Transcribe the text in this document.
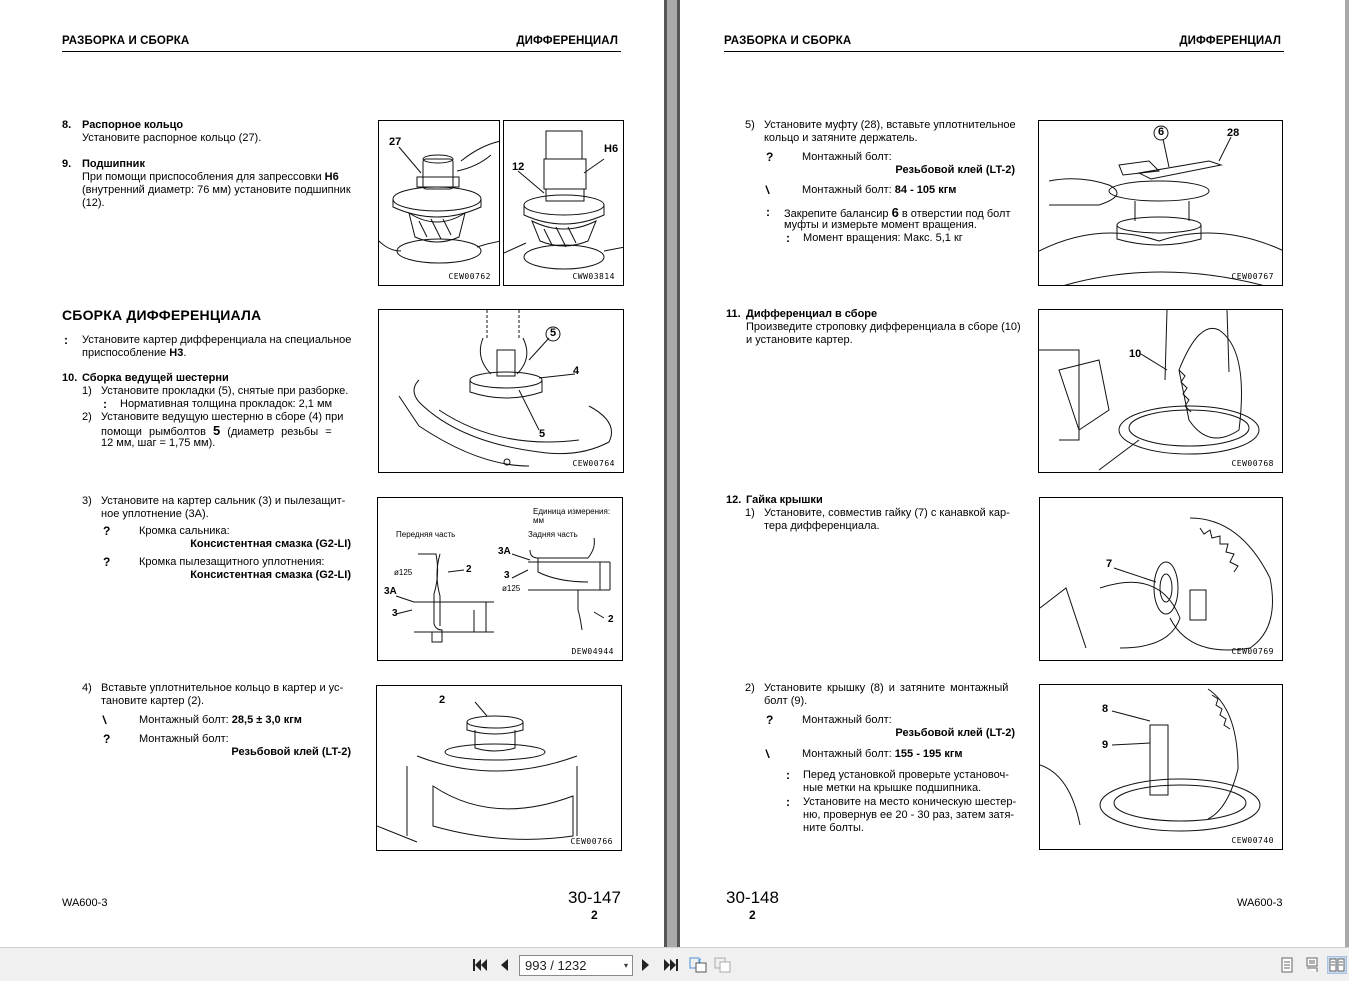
РАЗБОРКА И СБОРКА	ДИФФЕРЕНЦИАЛ
8. Распорное кольцо
Установите распорное кольцо (27).
9. Подшипник
При помощи приспособления для запрессовки H6
(внутренний диаметр: 76 мм) установите подшипник
(12).
27
CEW00762
12
H6
CWW03814
СБОРКА ДИФФЕРЕНЦИАЛА
: Установите картер дифференциала на специальное
приспособление H3.
10. Сборка ведущей шестерни
1) Установите прокладки (5), снятые при разборке.
: Нормативная толщина прокладок: 2,1 мм
2) Установите ведущую шестерню в сборе (4) при
помощи рымболтов 5 (диаметр резьбы =
12 мм, шаг = 1,75 мм).
5
4
5
CEW00764
3) Установите на картер сальник (3) и пылезащит-
ное уплотнение (3A).
?	Кромка сальника:
Консистентная смазка (G2-LI)
?	Кромка пылезащитного уплотнения:
Консистентная смазка (G2-LI)
Единица измерения: мм
Передняя часть	Задняя часть
ø125
ø125
2
3A
3
3A
3
2
DEW04944
4) Вставьте уплотнительное кольцо в картер и ус-
тановите картер (2).
\	Монтажный болт: 28,5 ± 3,0 кгм
?	Монтажный болт:
Резьбовой клей (LT-2)
2
CEW00766
WA600-3	30-147
2
РАЗБОРКА И СБОРКА	ДИФФЕРЕНЦИАЛ
5) Установите муфту (28), вставьте уплотнительное
кольцо и затяните держатель.
?	Монтажный болт:
Резьбовой клей (LT-2)
\	Монтажный болт: 84 - 105 кгм
: Закрепите балансир 6 в отверстии под болт
муфты и измерьте момент вращения.
: Момент вращения: Макс. 5,1 кг
6	28
CEW00767
11. Дифференциал в сборе
Произведите строповку дифференциала в сборе (10)
и установите картер.
10
CEW00768
12. Гайка крышки
1) Установите, совместив гайку (7) с канавкой кар-
тера дифференциала.
7
CEW00769
2) Установите крышку (8) и затяните монтажный
болт (9).
?	Монтажный болт:
Резьбовой клей (LT-2)
\	Монтажный болт: 155 - 195 кгм
: Перед установкой проверьте установоч-
ные метки на крышке подшипника.
: Установите на место коническую шестер-
ню, провернув ее 20 - 30 раз, затем затя-
ните болты.
8
9
CEW00740
30-148
2
WA600-3
993 / 1232	▾
